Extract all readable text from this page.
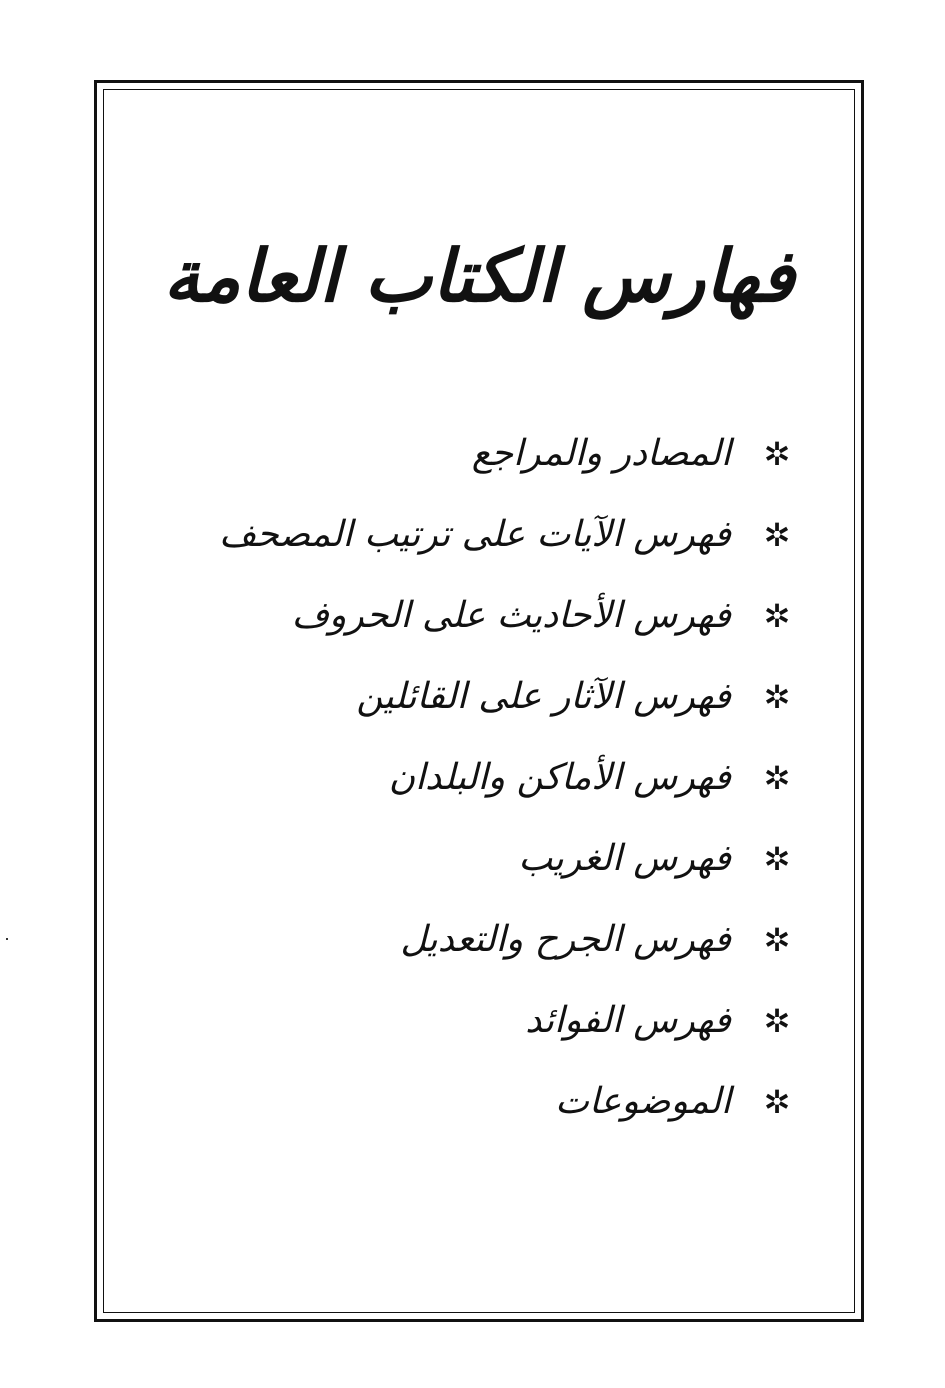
فهارس الكتاب العامة
✲
المصادر والمراجع
✲
فهرس الآيات على ترتيب المصحف
✲
فهرس الأحاديث على الحروف
✲
فهرس الآثار على القائلين
✲
فهرس الأماكن والبلدان
✲
فهرس الغريب
✲
فهرس الجرح والتعديل
✲
فهرس الفوائد
✲
الموضوعات
